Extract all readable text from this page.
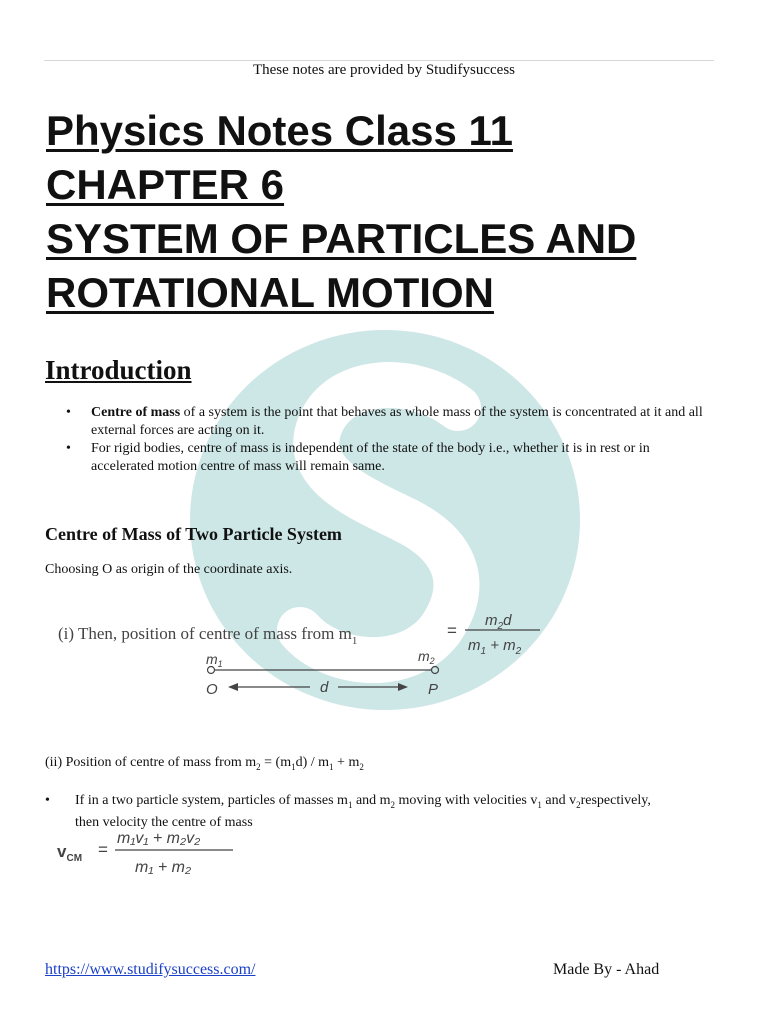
These notes are provided by Studifysuccess
Physics Notes Class 11
CHAPTER 6
SYSTEM OF PARTICLES AND
ROTATIONAL MOTION
Introduction
• Centre of mass of a system is the point that behaves as whole mass of the system is concentrated at it and all external forces are acting on it.
• For rigid bodies, centre of mass is independent of the state of the body i.e., whether it is in rest or in accelerated motion centre of mass will remain same.
Centre of Mass of Two Particle System
Choosing O as origin of the coordinate axis.
(i) Then, position of centre of mass from $m_1$
=
$m_2d$
$m_1 + m_2$
$m_1$	$m_2$
O	d	P
(ii) Position of centre of mass from $m_2 = (m_1d) / m_1 + m_2$
• If in a two particle system, particles of masses $m_1$ and $m_2$ moving with velocities $v_1$ and $v_2respectively$, then velocity the centre of mass
$v_{CM}$ =
m₁v₁ + m₂v₂
m₁ + m₂
https://www.studifysuccess.com/	Made By - Ahad
